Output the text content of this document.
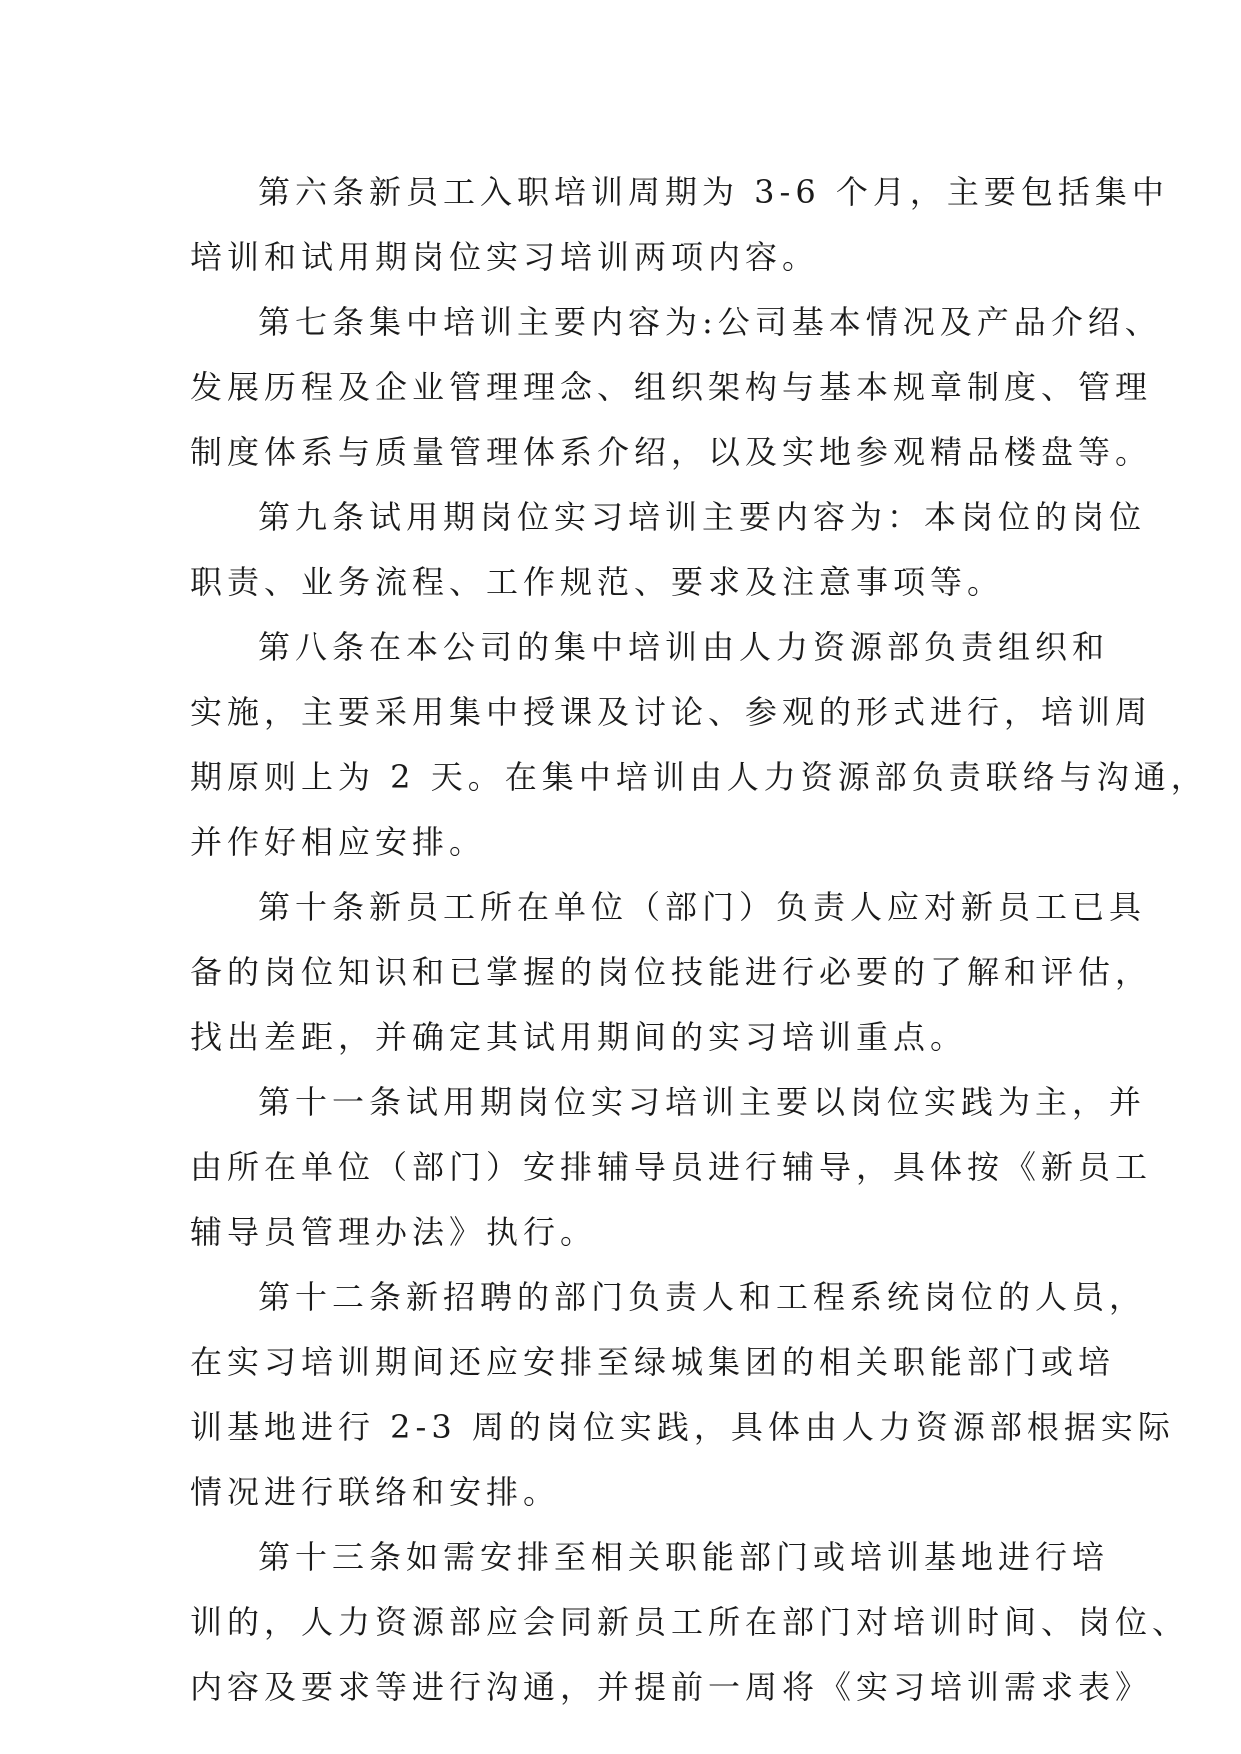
第六条新员工入职培训周期为 3-6 个月，主要包括集中
培训和试用期岗位实习培训两项内容。

第七条集中培训主要内容为:公司基本情况及产品介绍、
发展历程及企业管理理念、组织架构与基本规章制度、管理
制度体系与质量管理体系介绍，以及实地参观精品楼盘等。

第九条试用期岗位实习培训主要内容为：本岗位的岗位
职责、业务流程、工作规范、要求及注意事项等。

第八条在本公司的集中培训由人力资源部负责组织和
实施，主要采用集中授课及讨论、参观的形式进行，培训周
期原则上为 2 天。在集中培训由人力资源部负责联络与沟通，
并作好相应安排。

第十条新员工所在单位（部门）负责人应对新员工已具
备的岗位知识和已掌握的岗位技能进行必要的了解和评估，
找出差距，并确定其试用期间的实习培训重点。

第十一条试用期岗位实习培训主要以岗位实践为主，并
由所在单位（部门）安排辅导员进行辅导，具体按《新员工
辅导员管理办法》执行。

第十二条新招聘的部门负责人和工程系统岗位的人员，
在实习培训期间还应安排至绿城集团的相关职能部门或培
训基地进行 2-3 周的岗位实践，具体由人力资源部根据实际
情况进行联络和安排。

第十三条如需安排至相关职能部门或培训基地进行培
训的，人力资源部应会同新员工所在部门对培训时间、岗位、
内容及要求等进行沟通，并提前一周将《实习培训需求表》
